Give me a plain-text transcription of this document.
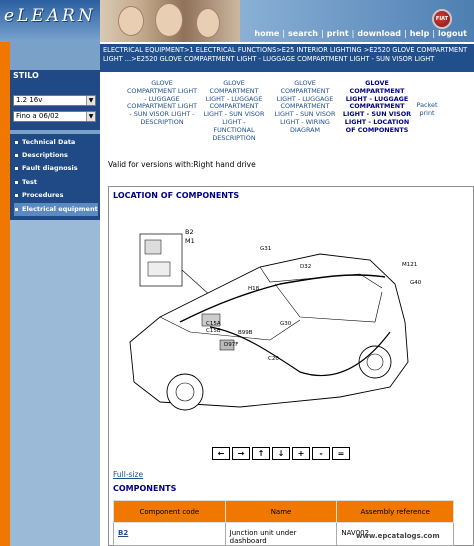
eLEARN	FIAT
home | search | print | download | help | logout
STILO
1.2 16v	▼
Fino a 06/02	▼
Technical Data
Descriptions
Fault diagnosis
Test
Procedures
Electrical equipment
ELECTRICAL EQUIPMENT>1 ELECTRICAL FUNCTIONS>E25 INTERIOR LIGHTING >E2520 GLOVE COMPARTMENT LIGHT ...>E2520 GLOVE COMPARTMENT LIGHT - LUGGAGE COMPARTMENT LIGHT - SUN VISOR LIGHT
GLOVE COMPARTMENT LIGHT - LUGGAGE COMPARTMENT LIGHT - SUN VISOR LIGHT - DESCRIPTION
GLOVE COMPARTMENT LIGHT - LUGGAGE COMPARTMENT LIGHT - SUN VISOR LIGHT - FUNCTIONAL DESCRIPTION
GLOVE COMPARTMENT LIGHT - LUGGAGE COMPARTMENT LIGHT - SUN VISOR LIGHT - WIRING DIAGRAM
GLOVE COMPARTMENT LIGHT - LUGGAGE COMPARTMENT LIGHT - SUN VISOR LIGHT - LOCATION OF COMPONENTS
Packet print
Valid for versions with:Right hand drive
LOCATION OF COMPONENTS
B2
M1
G31
D32
H18
M121
G40
C15A
C15B	B99B
G30
D97F
C20
←	→	↑	↓	+	-	=
Full-size
COMPONENTS
Component code	Name	Assembly reference
B2	Junction unit under dashboard	NAV002
www.epcatalogs.com
